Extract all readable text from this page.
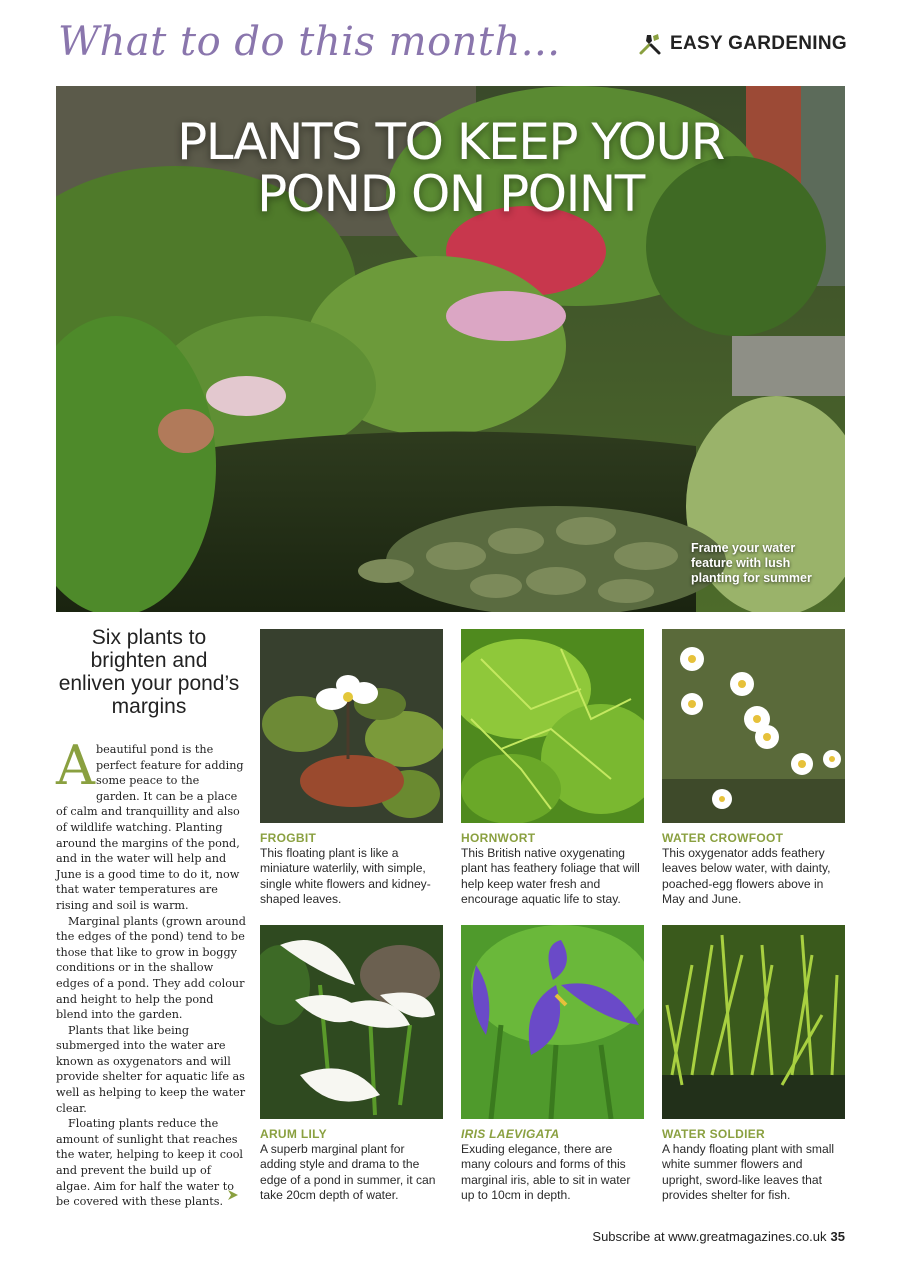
What to do this month...	EASY GARDENING
PLANTS TO KEEP YOUR
POND ON POINT
Frame your water feature with lush planting for summer
Six plants to brighten and enliven your pond’s margins

Abeautiful pond is the perfect feature for adding some peace to the garden. It can be a place of calm and tranquillity and also of wildlife watching. Planting around the margins of the pond, and in the water will help and June is a good time to do it, now that water temperatures are rising and soil is warm.

Marginal plants (grown around the edges of the pond) tend to be those that like to grow in boggy conditions or in the shallow edges of a pond. They add colour and height to help the pond blend into the garden.

Plants that like being submerged into the water are known as oxygenators and will provide shelter for aquatic life as well as helping to keep the water clear.

Floating plants reduce the amount of sunlight that reaches the water, helping to keep it cool and prevent the build up of algae. Aim for half the water to be covered with these plants.

FROGBIT
This floating plant is like a miniature waterlily, with simple, single white flowers and kidney-shaped leaves.
HORNWORT
This British native oxygenating plant has feathery foliage that will help keep water fresh and encourage aquatic life to stay.
WATER CROWFOOT
This oxygenator adds feathery leaves below water, with dainty, poached-egg flowers above in May and June.
ARUM LILY
A superb marginal plant for adding style and drama to the edge of a pond in summer, it can take 20cm depth of water.
IRIS LAEVIGATA
Exuding elegance, there are many colours and forms of this marginal iris, able to sit in water up to 10cm in depth.
WATER SOLDIER
A handy floating plant with small white summer flowers and upright, sword-like leaves that provides shelter for fish.
Subscribe at www.greatmagazines.co.uk 35
